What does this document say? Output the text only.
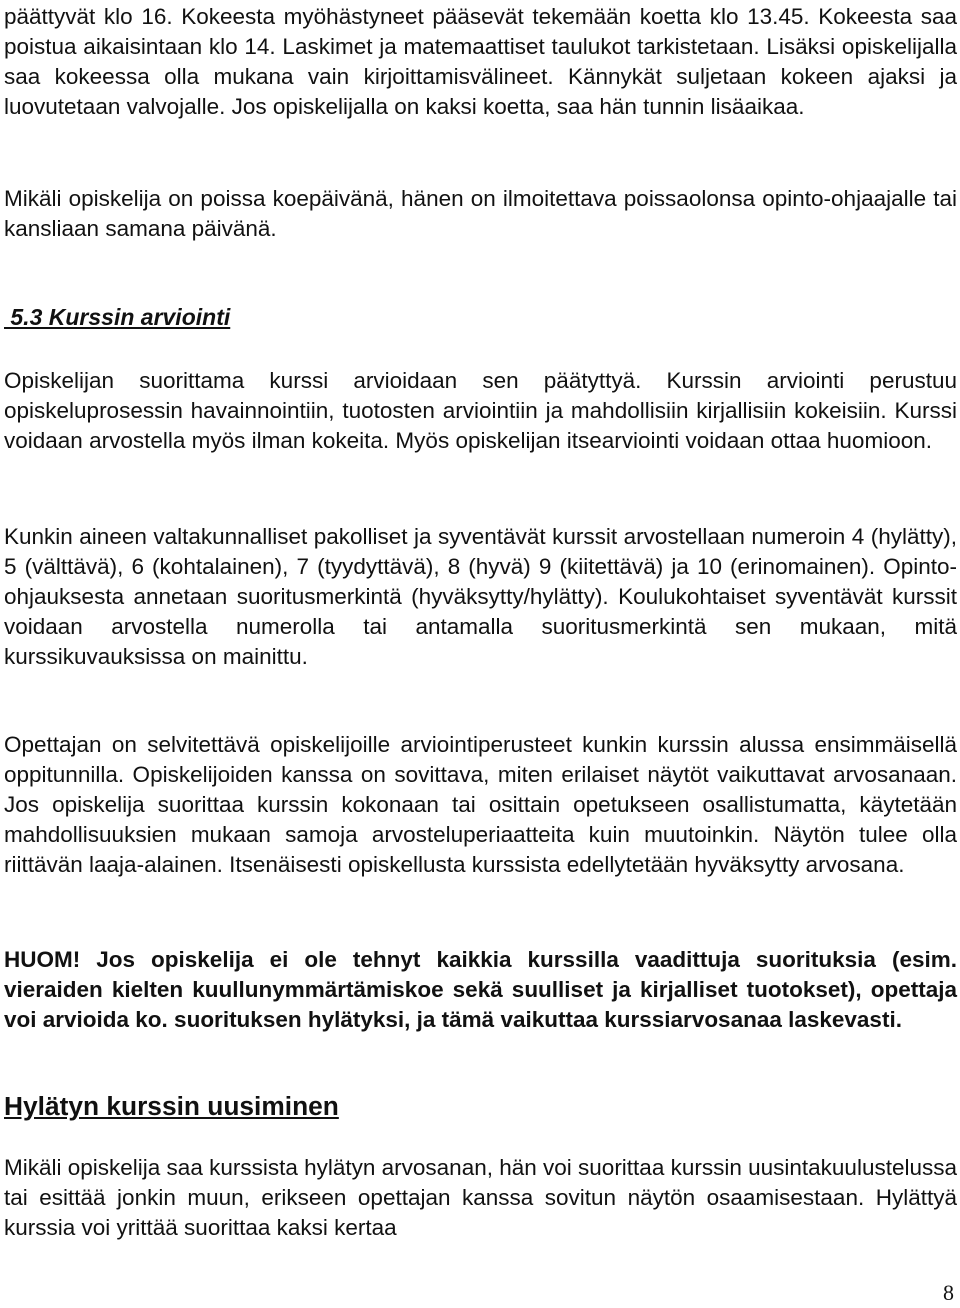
päättyvät klo 16. Kokeesta myöhästyneet pääsevät tekemään koetta klo 13.45. Kokeesta saa poistua aikaisintaan klo 14. Laskimet ja matemaattiset taulukot tarkistetaan. Lisäksi opiskelijalla saa kokeessa olla mukana vain kirjoittamisvälineet. Kännykät suljetaan kokeen ajaksi ja luovutetaan valvojalle. Jos opiskelijalla on kaksi koetta, saa hän tunnin lisäaikaa.

Mikäli opiskelija on poissa koepäivänä, hänen on ilmoitettava poissaolonsa opinto-ohjaajalle tai kansliaan samana päivänä.

5.3 Kurssin arviointi

Opiskelijan suorittama kurssi arvioidaan sen päätyttyä. Kurssin arviointi perustuu opiskeluprosessin havainnointiin, tuotosten arviointiin ja mahdollisiin kirjallisiin kokeisiin. Kurssi voidaan arvostella myös ilman kokeita. Myös opiskelijan itsearviointi voidaan ottaa huomioon.

Kunkin aineen valtakunnalliset pakolliset ja syventävät kurssit arvostellaan numeroin 4 (hylätty), 5 (välttävä), 6 (kohtalainen), 7 (tyydyttävä), 8 (hyvä) 9 (kiitettävä) ja 10 (erinomainen). Opinto-ohjauksesta annetaan suoritusmerkintä (hyväksytty/hylätty). Koulukohtaiset syventävät kurssit voidaan arvostella numerolla tai antamalla suoritusmerkintä sen mukaan, mitä kurssikuvauksissa on mainittu.

Opettajan on selvitettävä opiskelijoille arviointiperusteet kunkin kurssin alussa ensimmäisellä oppitunnilla. Opiskelijoiden kanssa on sovittava, miten erilaiset näytöt vaikuttavat arvosanaan. Jos opiskelija suorittaa kurssin kokonaan tai osittain opetukseen osallistumatta, käytetään mahdollisuuksien mukaan samoja arvosteluperiaatteita kuin muutoinkin. Näytön tulee olla riittävän laaja-alainen. Itsenäisesti opiskellusta kurssista edellytetään hyväksytty arvosana.

HUOM! Jos opiskelija ei ole tehnyt kaikkia kurssilla vaadittuja suorituksia (esim. vieraiden kielten kuullunymmärtämiskoe sekä suulliset ja kirjalliset tuotokset), opettaja voi arvioida ko. suorituksen hylätyksi, ja tämä vaikuttaa kurssiarvosanaa laskevasti.

Hylätyn kurssin uusiminen

Mikäli opiskelija saa kurssista hylätyn arvosanan, hän voi suorittaa kurssin uusintakuulustelussa tai esittää jonkin muun, erikseen opettajan kanssa sovitun näytön osaamisestaan. Hylättyä kurssia voi yrittää suorittaa kaksi kertaa

8
